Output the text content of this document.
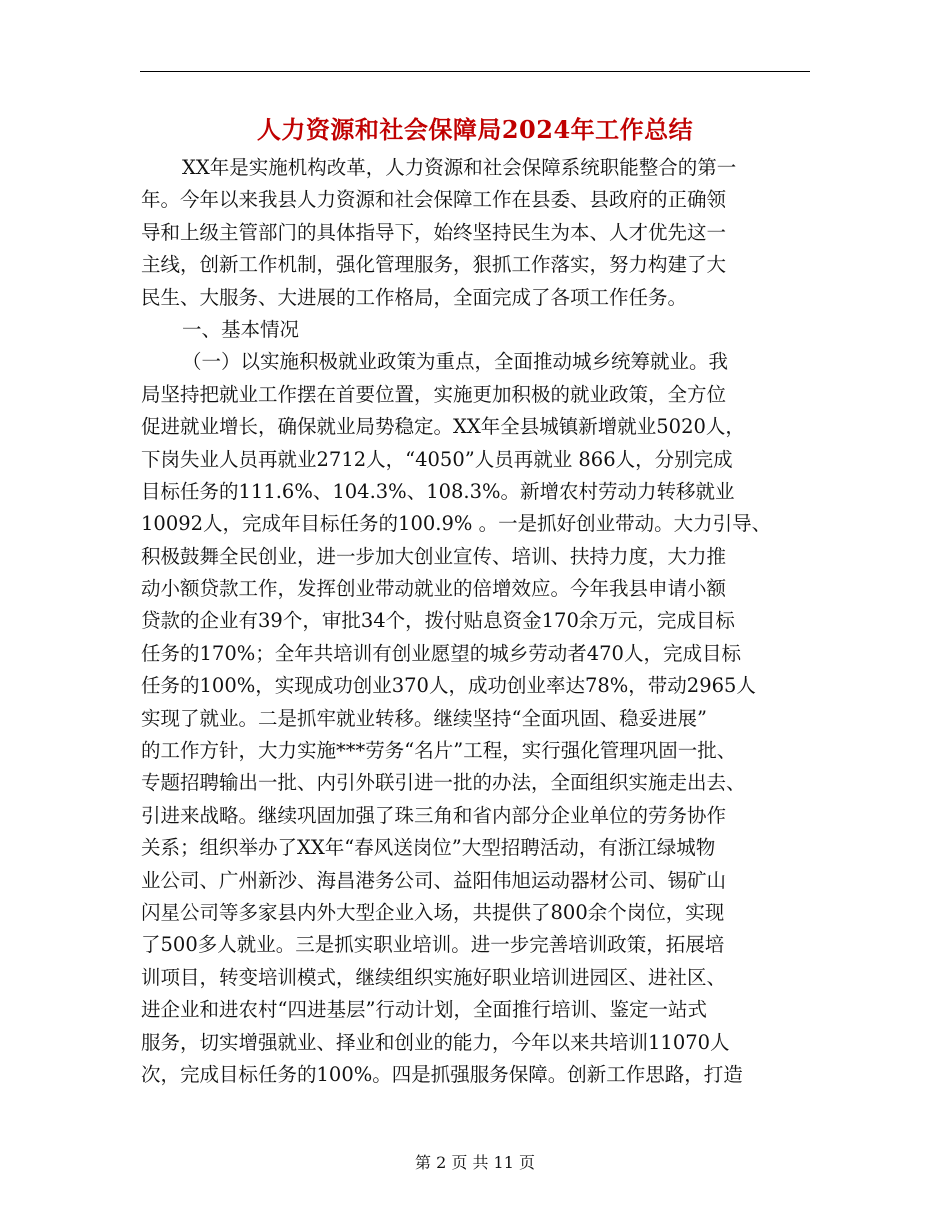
人力资源和社会保障局2024年工作总结
XX年是实施机构改革，人力资源和社会保障系统职能整合的第一
年。今年以来我县人力资源和社会保障工作在县委、县政府的正确领
导和上级主管部门的具体指导下，始终坚持民生为本、人才优先这一
主线，创新工作机制，强化管理服务，狠抓工作落实，努力构建了大
民生、大服务、大进展的工作格局，全面完成了各项工作任务。
一、基本情况
（一）以实施积极就业政策为重点，全面推动城乡统筹就业。我
局坚持把就业工作摆在首要位置，实施更加积极的就业政策，全方位
促进就业增长，确保就业局势稳定。XX年全县城镇新增就业5020人，
下岗失业人员再就业2712人，“4050”人员再就业 866人，分别完成
目标任务的111.6%、104.3%、108.3%。新增农村劳动力转移就业
10092人，完成年目标任务的100.9% 。一是抓好创业带动。大力引导、
积极鼓舞全民创业，进一步加大创业宣传、培训、扶持力度，大力推
动小额贷款工作，发挥创业带动就业的倍增效应。今年我县申请小额
贷款的企业有39个，审批34个，拨付贴息资金170余万元，完成目标
任务的170%；全年共培训有创业愿望的城乡劳动者470人，完成目标
任务的100%，实现成功创业370人，成功创业率达78%，带动2965人
实现了就业。二是抓牢就业转移。继续坚持“全面巩固、稳妥进展”
的工作方针，大力实施***劳务“名片”工程，实行强化管理巩固一批、
专题招聘输出一批、内引外联引进一批的办法，全面组织实施走出去、
引进来战略。继续巩固加强了珠三角和省内部分企业单位的劳务协作
关系；组织举办了XX年“春风送岗位”大型招聘活动，有浙江绿城物
业公司、广州新沙、海昌港务公司、益阳伟旭运动器材公司、锡矿山
闪星公司等多家县内外大型企业入场，共提供了800余个岗位，实现
了500多人就业。三是抓实职业培训。进一步完善培训政策，拓展培
训项目，转变培训模式，继续组织实施好职业培训进园区、进社区、
进企业和进农村“四进基层”行动计划，全面推行培训、鉴定一站式
服务，切实增强就业、择业和创业的能力，今年以来共培训11070人
次，完成目标任务的100%。四是抓强服务保障。创新工作思路，打造
第 2 页 共 11 页
